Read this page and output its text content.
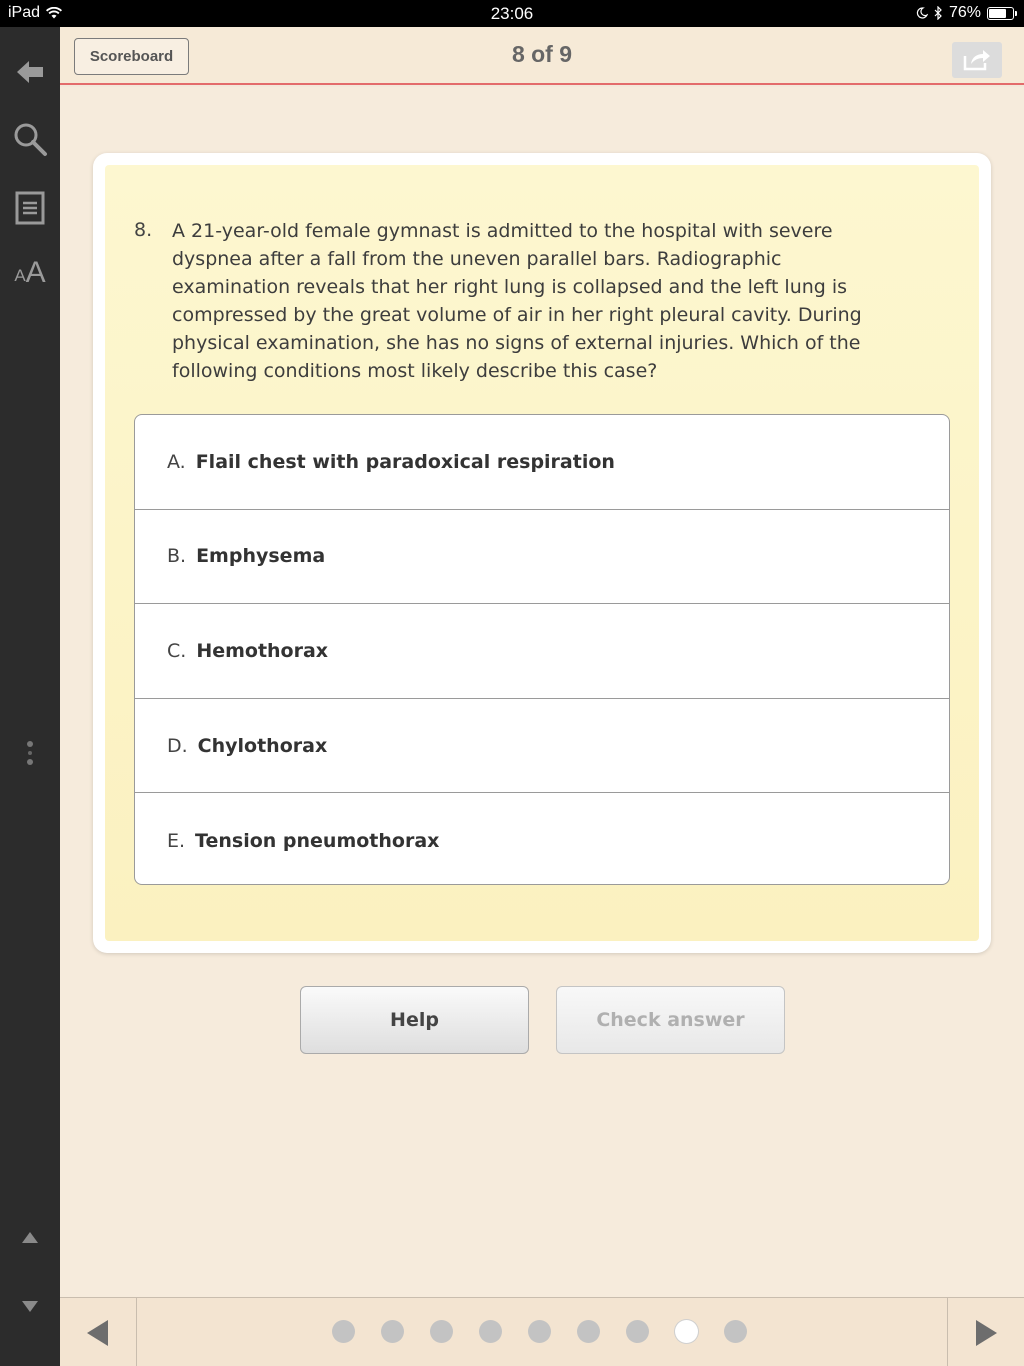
iPad	23:06	76%
A A
Scoreboard	8 of 9
8. A 21-year-old female gymnast is admitted to the hospital with severe dyspnea after a fall from the uneven parallel bars. Radiographic examination reveals that her right lung is collapsed and the left lung is compressed by the great volume of air in her right pleural cavity. During physical examination, she has no signs of external injuries. Which of the following conditions most likely describe this case?
A. Flail chest with paradoxical respiration
B. Emphysema
C. Hemothorax
D. Chylothorax
E. Tension pneumothorax
Help	Check answer
